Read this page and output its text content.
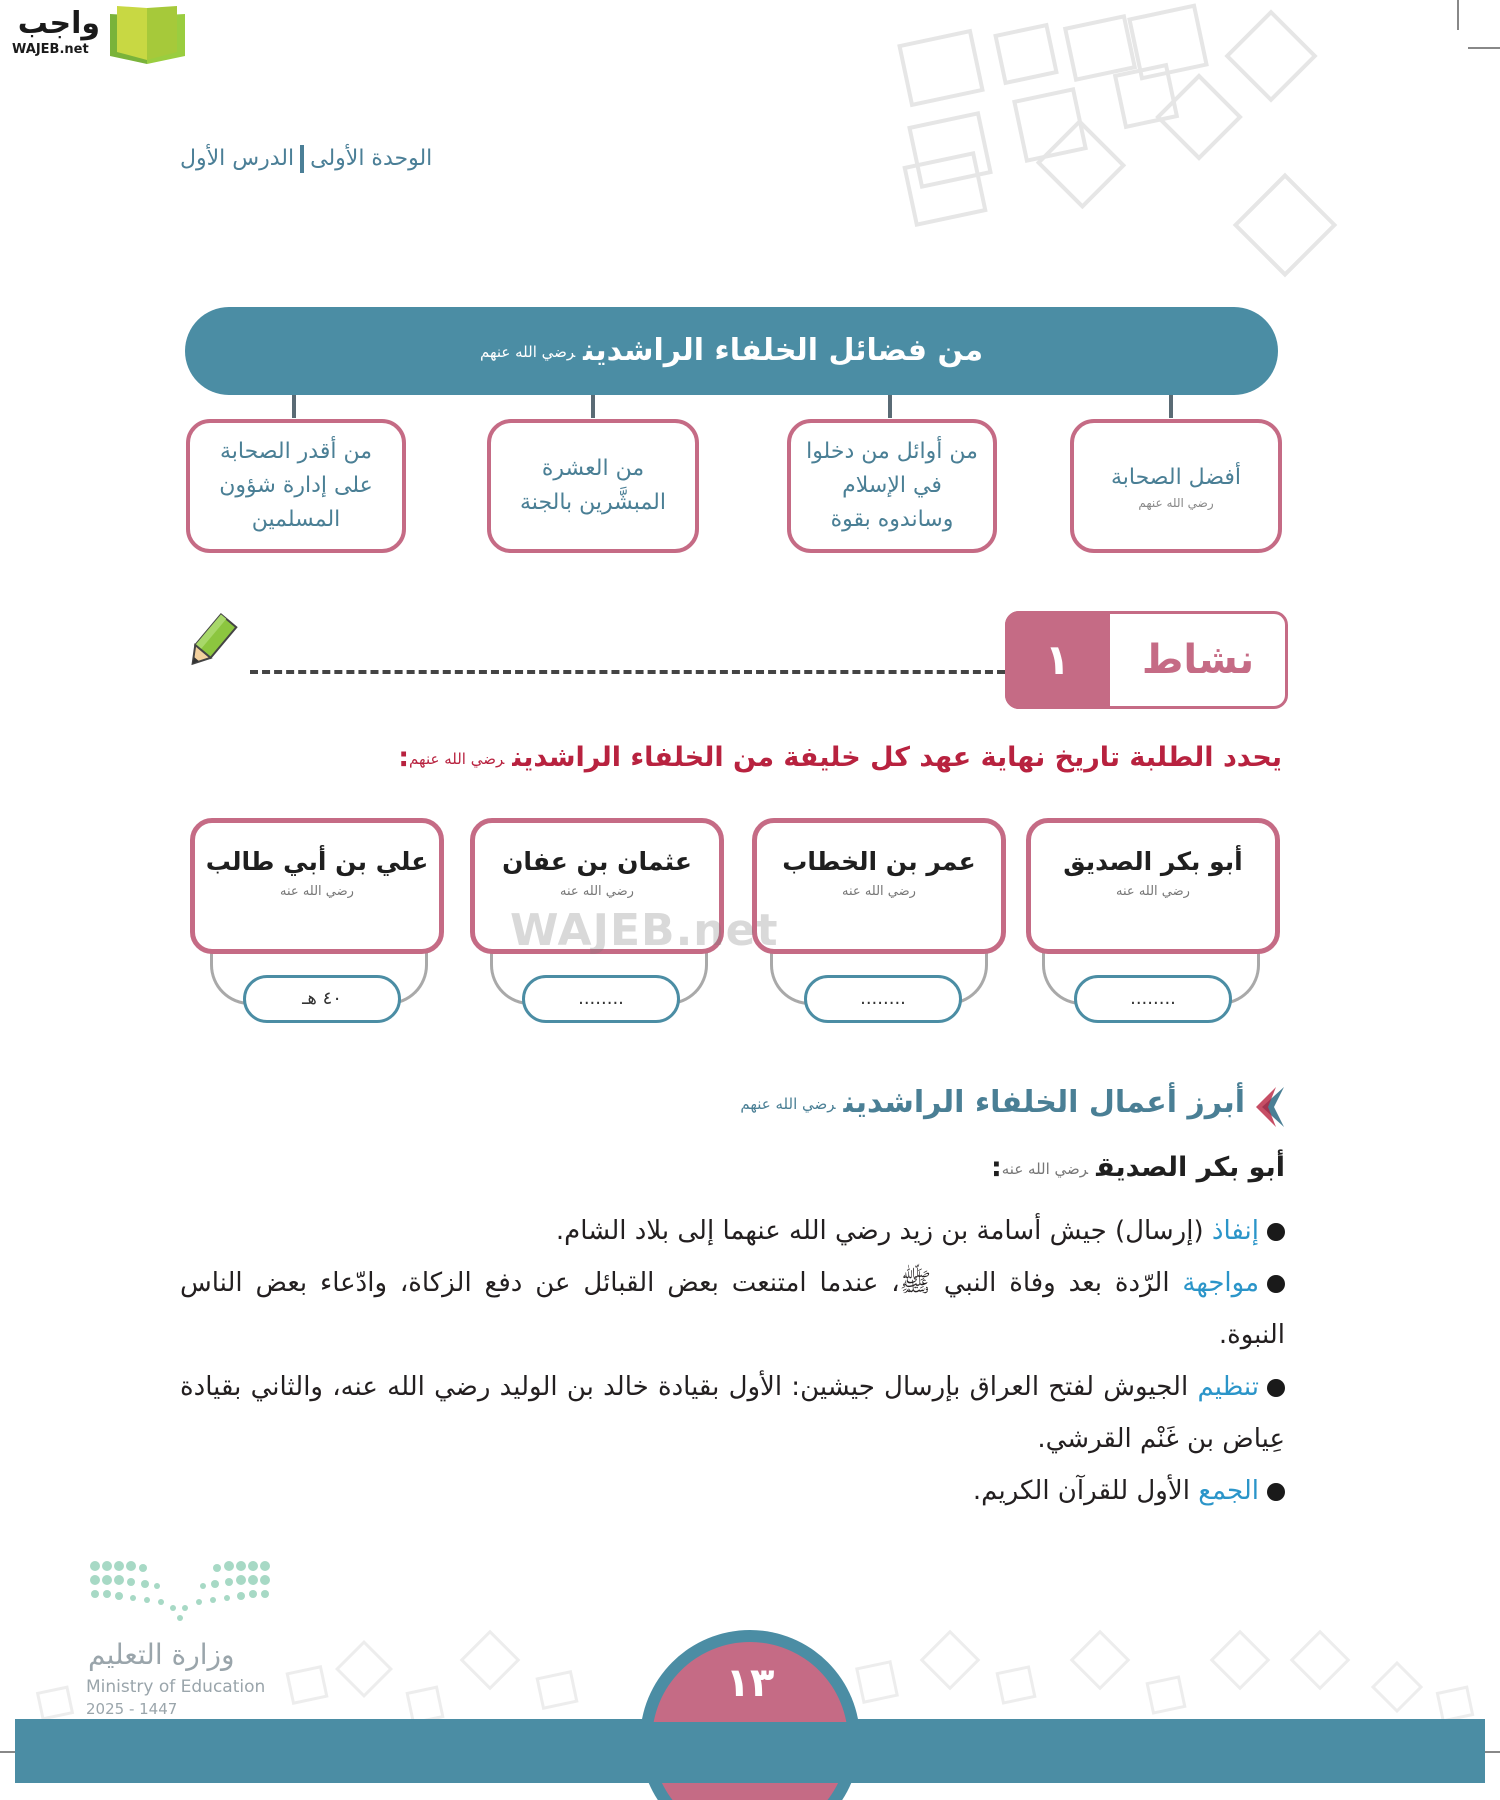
واجب
WAJEB.net
الوحدة الأولىالدرس الأول
من فضائل الخلفاء الراشدينرضي الله عنهم
أفضل الصحابة
رضي الله عنهم
من أوائل من دخلوا في الإسلام وساندوه بقوة
من العشرة المبشَّرين بالجنة
من أقدر الصحابة على إدارة شؤون المسلمين
١	نشاط
يحدد الطلبة تاريخ نهاية عهد كل خليفة من الخلفاء الراشدينرضي الله عنهم:
أبو بكر الصديق
رضي الله عنه
عمر بن الخطاب
رضي الله عنه
عثمان بن عفان
رضي الله عنه
علي بن أبي طالب
رضي الله عنه
........
........
........
٤٠ هـ
WAJEB.net
أبرز أعمال الخلفاء الراشدينرضي الله عنهم
أبو بكر الصديقرضي الله عنه:

إنفاذ (إرسال) جيش أسامة بن زيد رضي الله عنهما إلى بلاد الشام.

مواجهة الرّدة بعد وفاة النبي ﷺ، عندما امتنعت بعض القبائل عن دفع الزكاة، وادّعاء بعض الناس النبوة.

تنظيم الجيوش لفتح العراق بإرسال جيشين: الأول بقيادة خالد بن الوليد رضي الله عنه، والثاني بقيادة عِياض بن غَنْم القرشي.

الجمع الأول للقرآن الكريم.

وزارة التعليم
Ministry of Education
2025 - 1447
١٣
